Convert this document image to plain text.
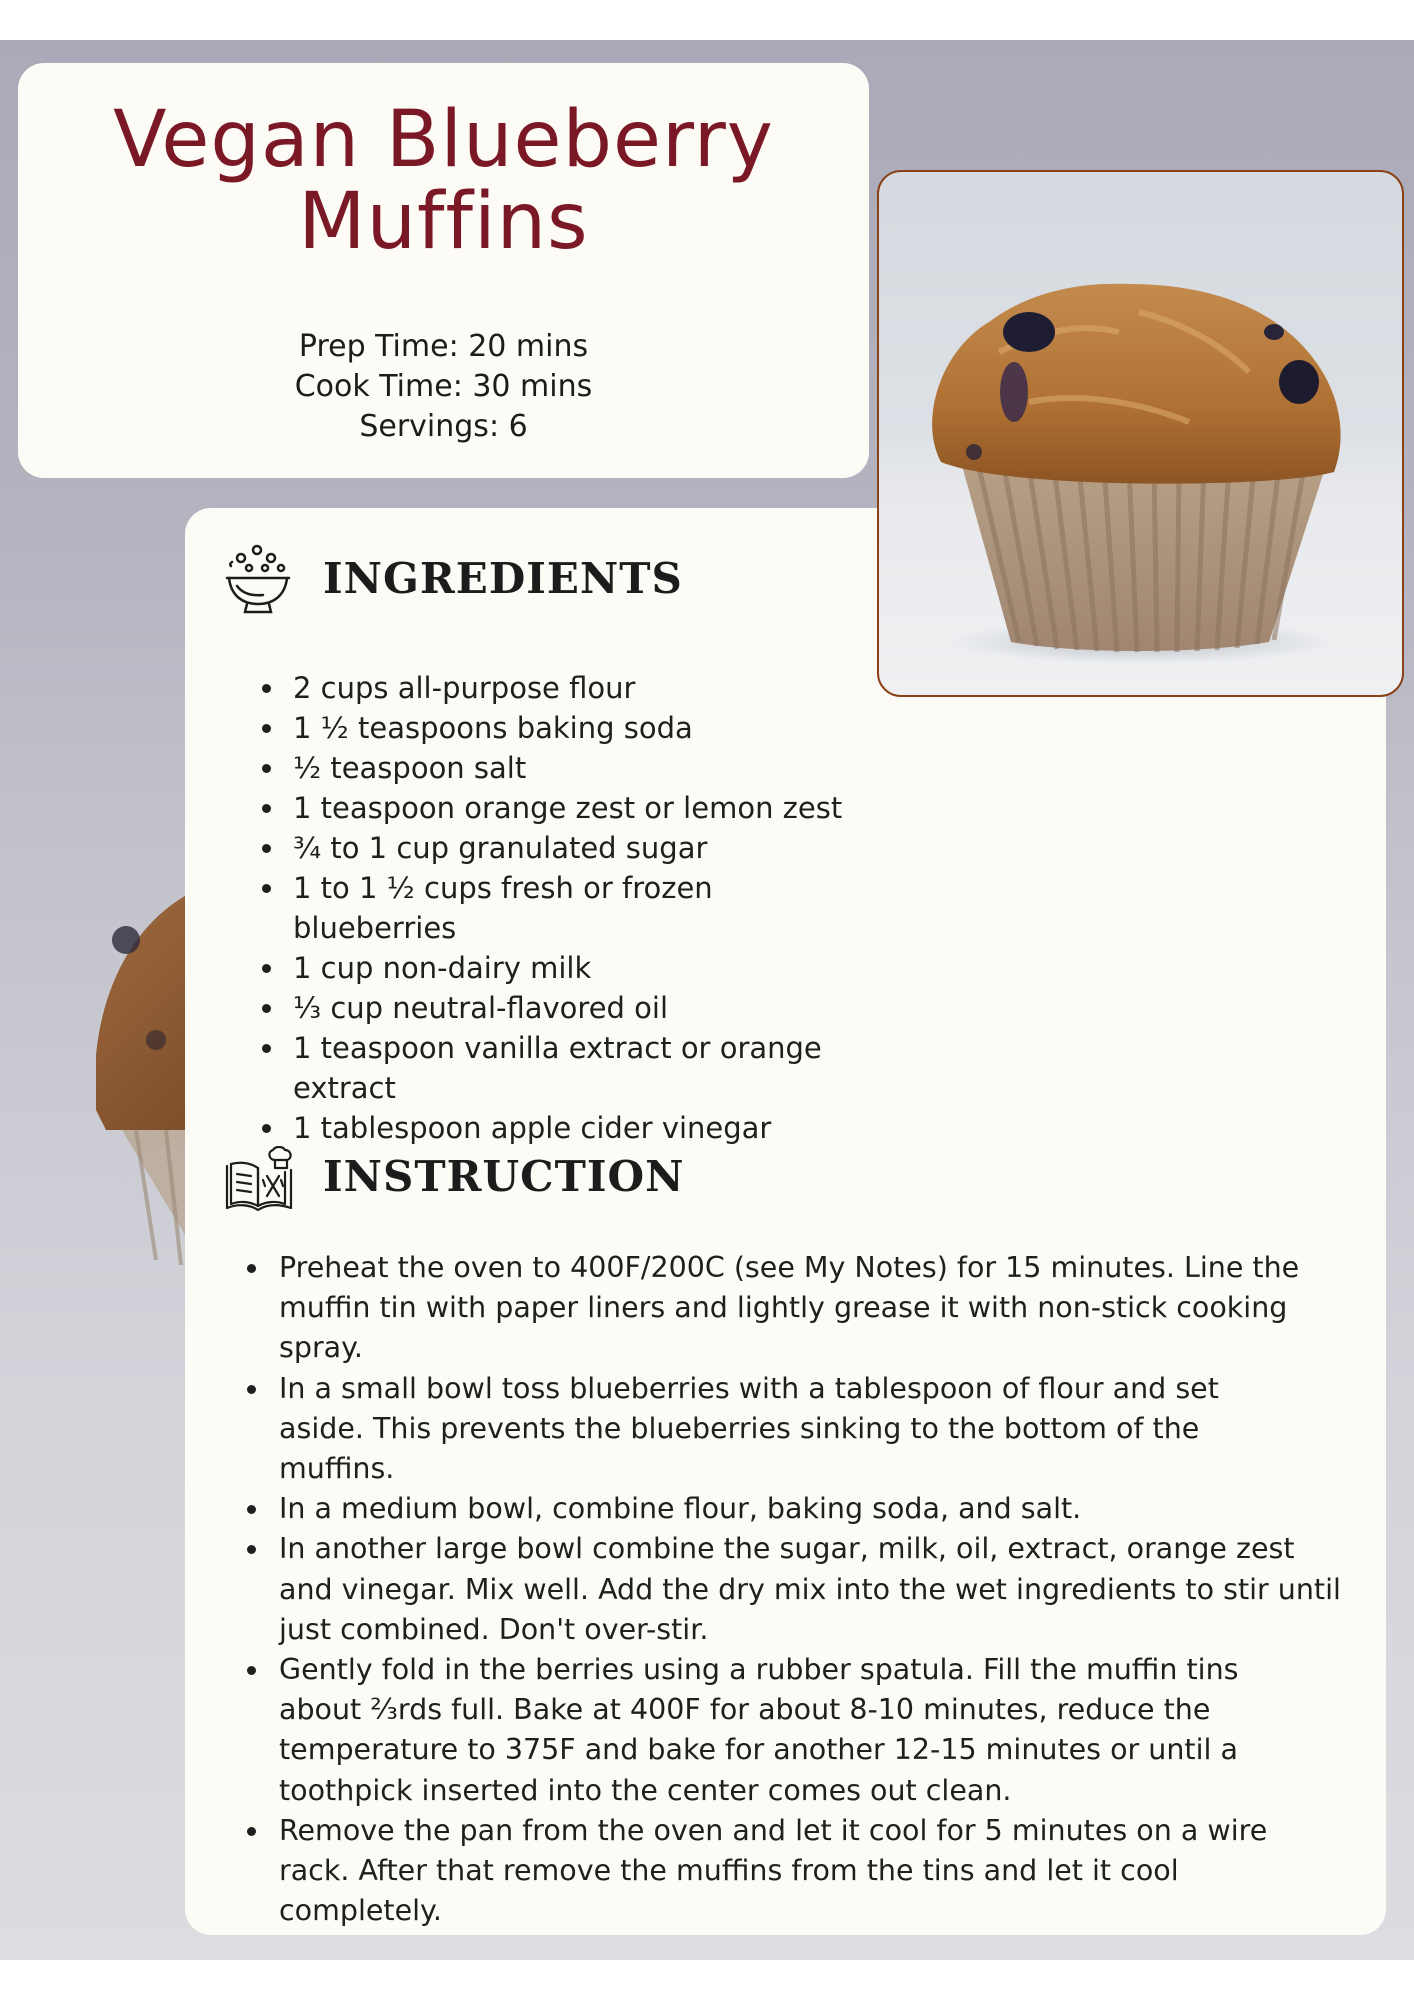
Vegan Blueberry
Muffins
Prep Time: 20 mins
Cook Time: 30 mins
Servings: 6
INGREDIENTS
2 cups all-purpose flour
1 ½ teaspoons baking soda
½ teaspoon salt
1 teaspoon orange zest or lemon zest
¾ to 1 cup granulated sugar
1 to 1 ½ cups fresh or frozen blueberries
1 cup non-dairy milk
⅓ cup neutral-flavored oil
1 teaspoon vanilla extract or orange extract
1 tablespoon apple cider vinegar
INSTRUCTION
Preheat the oven to 400F/200C (see My Notes) for 15 minutes. Line the muffin tin with paper liners and lightly grease it with non-stick cooking spray.
In a small bowl toss blueberries with a tablespoon of flour and set aside. This prevents the blueberries sinking to the bottom of the muffins.
In a medium bowl, combine flour, baking soda, and salt.
In another large bowl combine the sugar, milk, oil, extract, orange zest and vinegar. Mix well. Add the dry mix into the wet ingredients to stir until just combined. Don't over-stir.
Gently fold in the berries using a rubber spatula. Fill the muffin tins about ⅔rds full. Bake at 400F for about 8-10 minutes, reduce the temperature to 375F and bake for another 12-15 minutes or until a toothpick inserted into the center comes out clean.
Remove the pan from the oven and let it cool for 5 minutes on a wire rack. After that remove the muffins from the tins and let it cool completely.
